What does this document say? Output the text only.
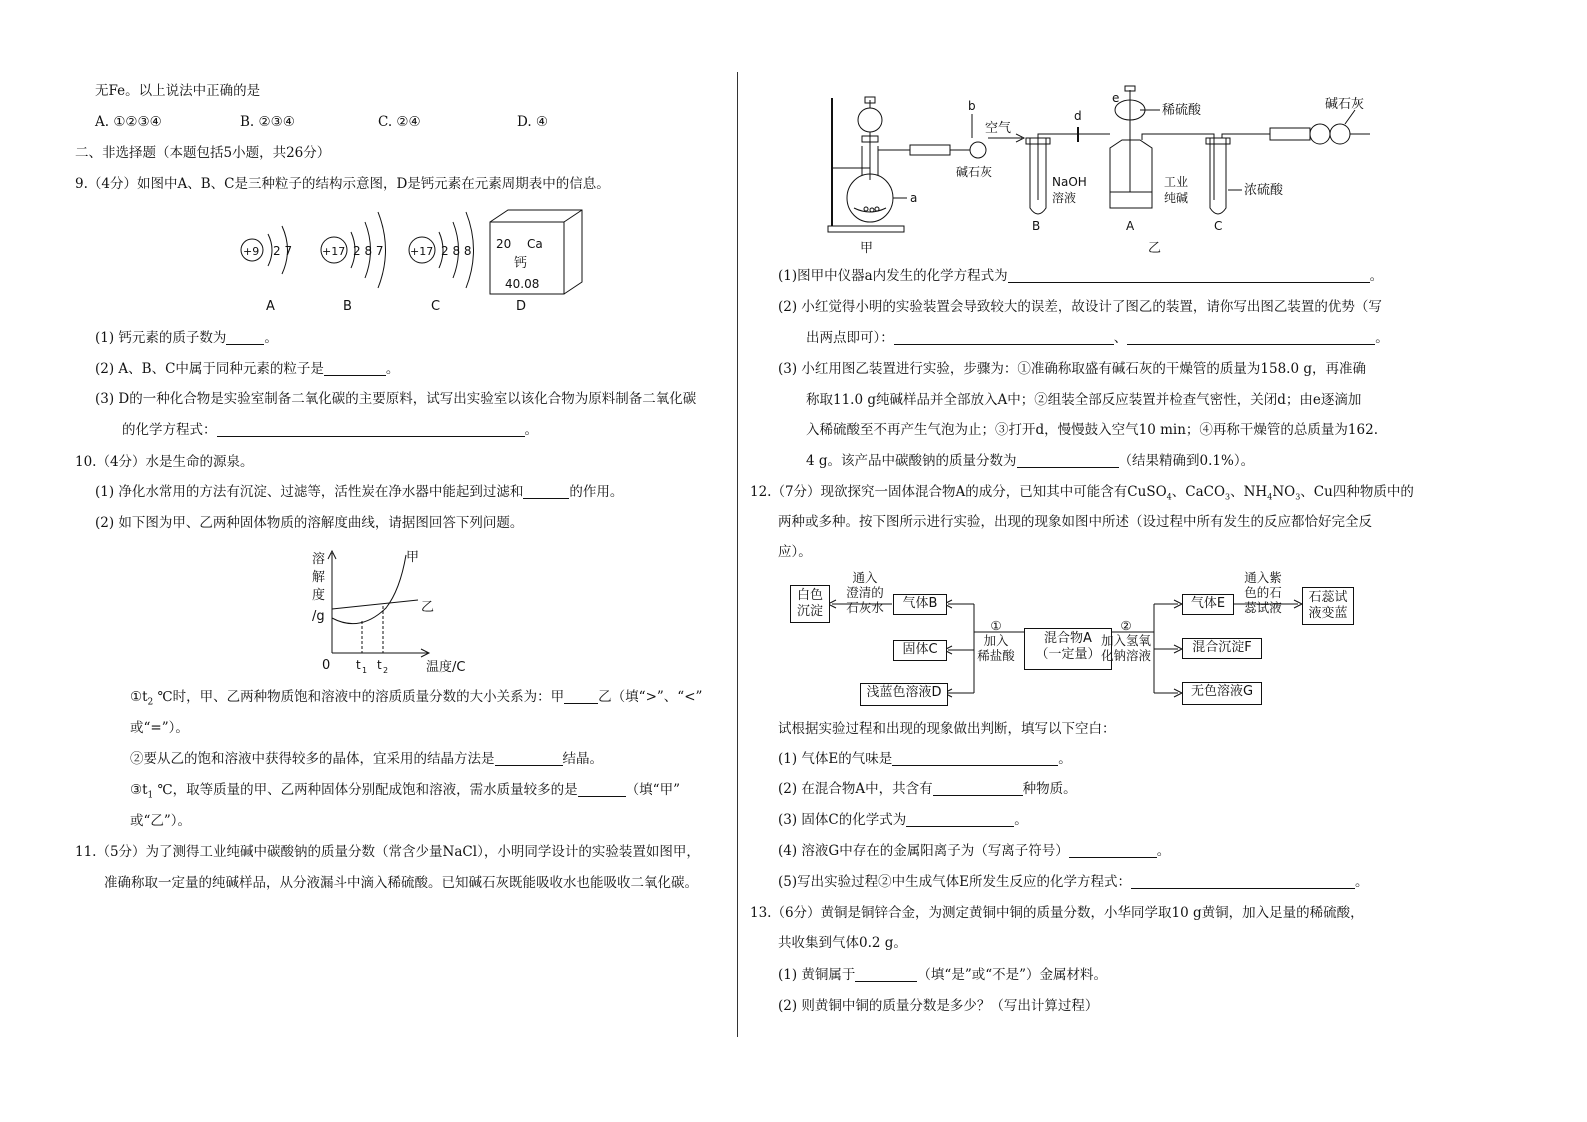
无Fe。以上说法中正确的是
A. ①②③④	B. ②③④	C. ②④	D. ④
二、非选择题（本题包括5小题，共26分）
9.（4分）如图中A、B、C是三种粒子的结构示意图，D是钙元素在元素周期表中的信息。
+9 2 7
A
+17 2 8 7
B
+17 2 8 8
C
20 Ca
钙
40.08
D
(1) 钙元素的质子数为	。
(2) A、B、C中属于同种元素的粒子是	。
(3) D的一种化合物是实验室制备二氧化碳的主要原料，试写出实验室以该化合物为原料制备二氧化碳
的化学方程式：	。
10.（4分）水是生命的源泉。
(1) 净化水常用的方法有沉淀、过滤等，活性炭在净水器中能起到过滤和	的作用。
(2) 如下图为甲、乙两种固体物质的溶解度曲线，请据图回答下列问题。
溶
解
度
/g
甲
乙
0 t 1 t 2	温度/C
$①t_2$ ℃时，甲、乙两种物质饱和溶液中的溶质质量分数的大小关系为：甲	乙（填“>”、“<”
或“=”）。
②要从乙的饱和溶液中获得较多的晶体，宜采用的结晶方法是	结晶。
$③t_1$ ℃，取等质量的甲、乙两种固体分别配成饱和溶液，需水质量较多的是	（填“甲”
或“乙”）。
11.（5分）为了测得工业纯碱中碳酸钠的质量分数（常含少量NaCl），小明同学设计的实验装置如图甲，
准确称取一定量的纯碱样品，从分液漏斗中滴入稀硫酸。已知碱石灰既能吸收水也能吸收二氧化碳。
b
a
碱石灰
甲
空气
NaOH
溶液
B
d
e
稀硫酸
工业
纯碱
A
浓硫酸
C
碱石灰
乙
(1)图甲中仪器a内发生的化学方程式为	。
(2) 小红觉得小明的实验装置会导致较大的误差，故设计了图乙的装置，请你写出图乙装置的优势（写
出两点即可）：	、	。
(3) 小红用图乙装置进行实验，步骤为：①准确称取盛有碱石灰的干燥管的质量为158.0 g，再准确
称取11.0 g纯碱样品并全部放入A中；②组装全部反应装置并检查气密性，关闭d；由e逐滴加
入稀硫酸至不再产生气泡为止；③打开d，慢慢鼓入空气10 min；④再称干燥管的总质量为162.
4 g。该产品中碳酸钠的质量分数为	（结果精确到0.1%）。
12.（7分）现欲探究一固体混合物A的成分，已知其中可能含有CuSO$_4$、CaCO$_3$、$NH_4NO_3$、Cu四种物质中的
两种或多种。按下图所示进行实验，出现的现象如图中所述（设过程中所有发生的反应都恰好完全反
应）。
白色
沉淀
通入
澄清的
石灰水	气体B
①
加入
稀盐酸
混合物A
（一定量）
②
加入氢氧
化钠溶液
固体C
浅蓝色溶液D
气体E
通入紫
色的石
蕊试液
石蕊试
液变蓝
混合沉淀F
无色溶液G
试根据实验过程和出现的现象做出判断，填写以下空白：
(1) 气体E的气味是	。
(2) 在混合物A中，共含有	种物质。
(3) 固体C的化学式为	。
(4) 溶液G中存在的金属阳离子为（写离子符号）	。
(5)写出实验过程②中生成气体E所发生反应的化学方程式：	。
13.（6分）黄铜是铜锌合金，为测定黄铜中铜的质量分数，小华同学取10 g黄铜，加入足量的稀硫酸，
共收集到气体0.2 g。
(1) 黄铜属于	（填“是”或“不是”）金属材料。
(2) 则黄铜中铜的质量分数是多少？（写出计算过程）
